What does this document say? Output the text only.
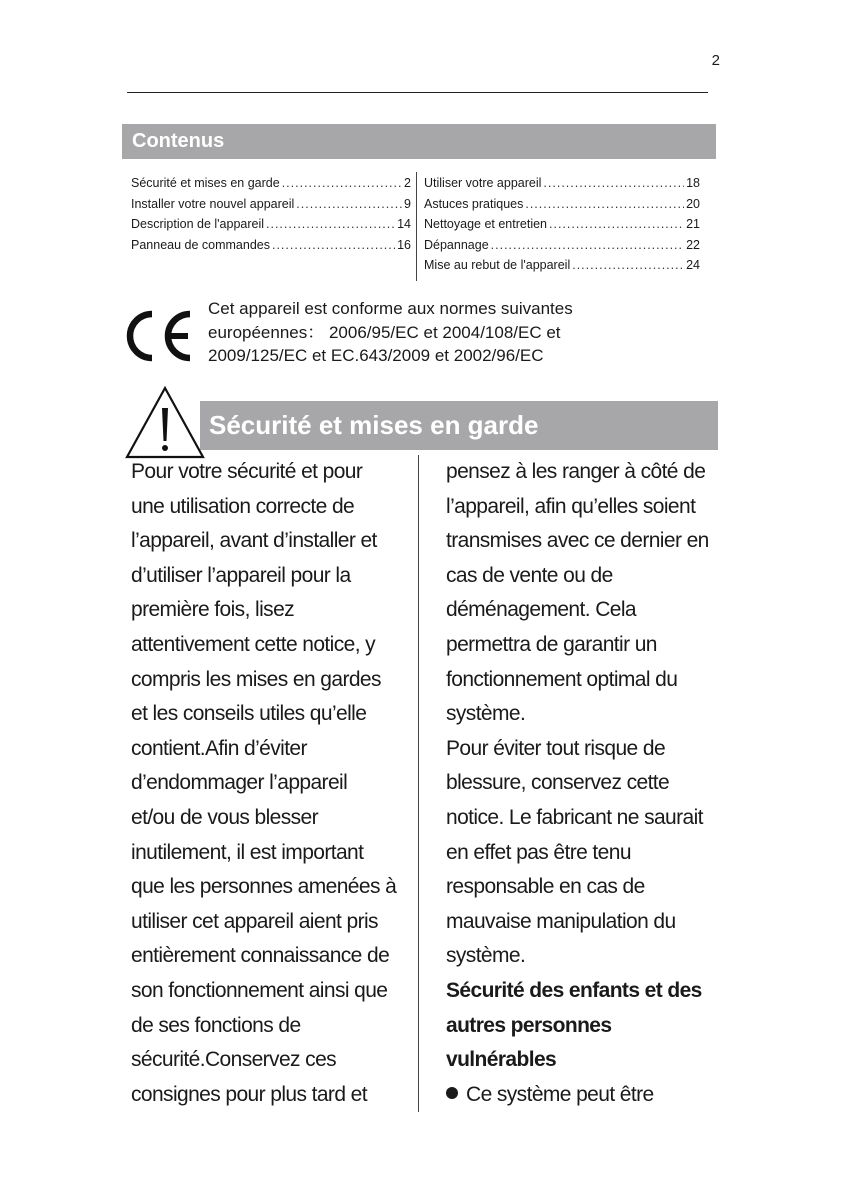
2
Contenus
Sécurité et mises en garde .....	2
Installer votre nouvel appareil .....	9
Description de l'appareil .....	14
Panneau de commandes .....	16
Utiliser votre appareil .....	18
Astuces pratiques .....	20
Nettoyage et entretien .....	21
Dépannage .....	22
Mise au rebut de l'appareil .....	24
Cet appareil est conforme aux normes suivantes
européennes： 2006/95/EC et 2004/108/EC et
2009/125/EC et EC.643/2009 et 2002/96/EC
Sécurité et mises en garde
Pour votre sécurité et pour
une utilisation correcte de
l’appareil, avant d’installer et
d’utiliser l’appareil pour la
première fois, lisez
attentivement cette notice, y
compris les mises en gardes
et les conseils utiles qu’elle
contient.Afin d’éviter
d’endommager l’appareil
et/ou de vous blesser
inutilement, il est important
que les personnes amenées à
utiliser cet appareil aient pris
entièrement connaissance de
son fonctionnement ainsi que
de ses fonctions de
sécurité.Conservez ces
consignes pour plus tard et
pensez à les ranger à côté de
l’appareil, afin qu’elles soient
transmises avec ce dernier en
cas de vente ou de
déménagement. Cela
permettra de garantir un
fonctionnement optimal du
système.
Pour éviter tout risque de
blessure, conservez cette
notice. Le fabricant ne saurait
en effet pas être tenu
responsable en cas de
mauvaise manipulation du
système.
Sécurité des enfants et des
autres personnes
vulnérables
Ce système peut être
